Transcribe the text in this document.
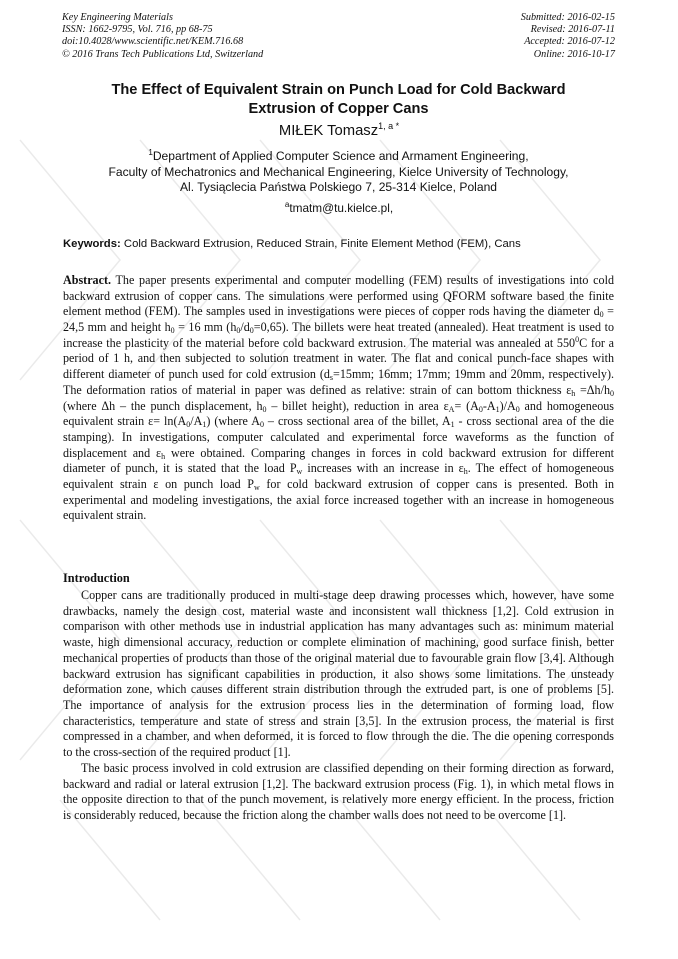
Key Engineering Materials
ISSN: 1662-9795, Vol. 716, pp 68-75
doi:10.4028/www.scientific.net/KEM.716.68
© 2016 Trans Tech Publications Ltd, Switzerland
Submitted: 2016-02-15
Revised: 2016-07-11
Accepted: 2016-07-12
Online: 2016-10-17
The Effect of Equivalent Strain on Punch Load for Cold Backward
Extrusion of Copper Cans
MIŁEK Tomasz$^{1, a *}$
$^1$Department of Applied Computer Science and Armament Engineering,
Faculty of Mechatronics and Mechanical Engineering, Kielce University of Technology,
Al. Tysiąclecia Państwa Polskiego 7, 25-314 Kielce, Poland
$^a$tmatm@tu.kielce.pl,
Keywords: Cold Backward Extrusion, Reduced Strain, Finite Element Method (FEM), Cans
Abstract. The paper presents experimental and computer modelling (FEM) results of investigations into cold backward extrusion of copper cans. The simulations were performed using QFORM software based the finite element method (FEM). The samples used in investigations were pieces of copper rods having the diameter $d_0 = 24,5$ mm and height $h_0 = 16$ mm $(h_0/d_0=0,65)$. The billets were heat treated (annealed). Heat treatment is used to increase the plasticity of the material before cold backward extrusion. The material was annealed at $550^0C$ for a period of 1 h, and then subjected to solution treatment in water. The flat and conical punch-face shapes with different diameter of punch used for cold extrusion ($d_s=15mm$; 16mm; 17mm; 19mm and 20mm, respectively). The deformation ratios of material in paper was defined as relative: strain of can bottom thickness $\varepsilon_h =\Delta h/h_0$ (where Δh – the punch displacement, $h_0$ – billet height), reduction in area $\varepsilon_A= (A_0-A_1)/A_0$ and homogeneous equivalent strain $\varepsilon= \ln(A_0/A_1)$ (where $A_0$ – cross sectional area of the billet, $A_1$ - cross sectional area of the die stamping). In investigations, computer calculated and experimental force waveforms as the function of displacement and $\varepsilon_h$ were obtained. Comparing changes in forces in cold backward extrusion for different diameter of punch, it is stated that the load $P_w$ increases with an increase in $\varepsilon_h$. The effect of homogeneous equivalent strain ε on punch load $P_w$ for cold backward extrusion of copper cans is presented. Both in experimental and modeling investigations, the axial force increased together with an increase in homogeneous equivalent strain.
Introduction

Copper cans are traditionally produced in multi-stage deep drawing processes which, however, have some drawbacks, namely the design cost, material waste and inconsistent wall thickness [1,2]. Cold extrusion in comparison with other methods use in industrial application has many advantages such as: minimum material waste, high dimensional accuracy, reduction or complete elimination of machining, good surface finish, better mechanical properties of products than those of the original material due to favourable grain flow [3,4]. Although backward extrusion has significant capabilities in production, it also shows some limitations. The unsteady deformation zone, which causes different strain distribution through the extruded part, is one of problems [5]. The importance of analysis for the extrusion process lies in the determination of forming load, flow characteristics, temperature and state of stress and strain [3,5]. In the extrusion process, the material is first compressed in a chamber, and when deformed, it is forced to flow through the die. The die opening corresponds to the cross-section of the required product [1].

The basic process involved in cold extrusion are classified depending on their forming direction as forward, backward and radial or lateral extrusion [1,2]. The backward extrusion process (Fig. 1), in which metal flows in the opposite direction to that of the punch movement, is relatively more energy efficient. In the process, friction is considerably reduced, because the friction along the chamber walls does not need to be overcome [1].
